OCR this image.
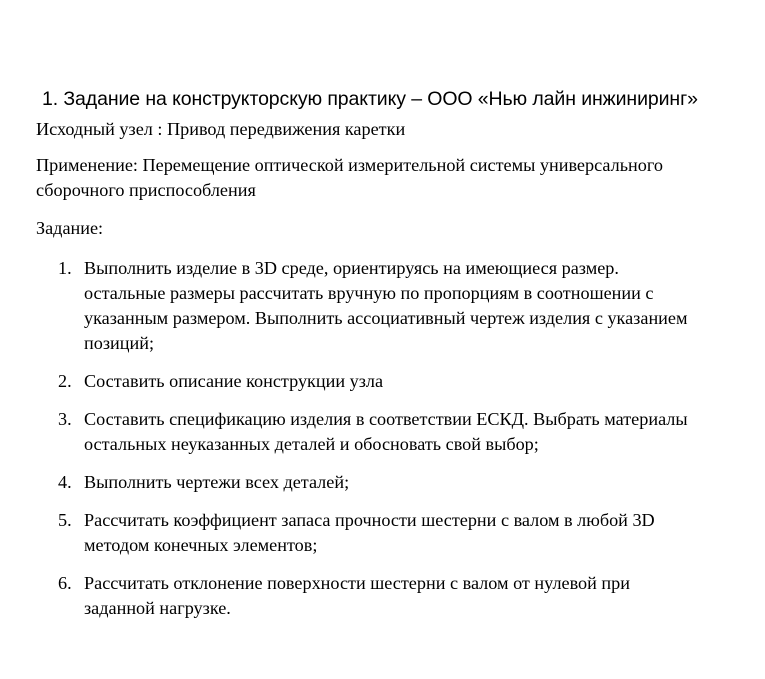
1. Задание на конструкторскую практику – ООО «Нью лайн инжиниринг»
Исходный узел : Привод передвижения каретки
Применение: Перемещение оптической измерительной системы универсального
сборочного приспособления
Задание:
1. Выполнить изделие в 3D среде, ориентируясь на имеющиеся размер.
остальные размеры рассчитать вручную по пропорциям в соотношении с
указанным размером. Выполнить ассоциативный чертеж изделия с указанием
позиций;
2. Составить описание конструкции узла
3. Составить спецификацию изделия в соответствии ЕСКД. Выбрать материалы
остальных неуказанных деталей и обосновать свой выбор;
4. Выполнить чертежи всех деталей;
5. Рассчитать коэффициент запаса прочности шестерни с валом в любой 3D
методом конечных элементов;
6. Рассчитать отклонение поверхности шестерни с валом от нулевой при
заданной нагрузке.
